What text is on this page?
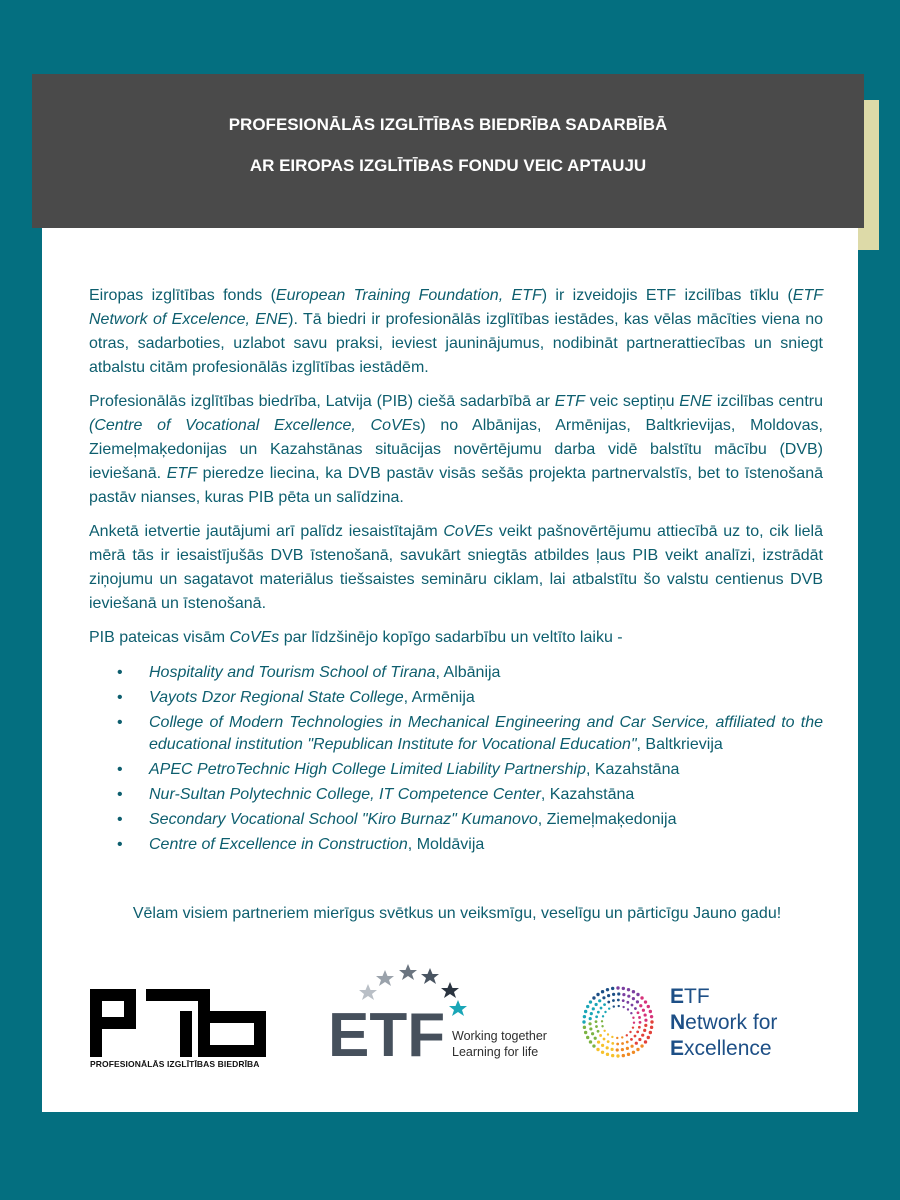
PROFESIONĀLĀS IZGLĪTĪBAS BIEDRĪBA SADARBĪBĀ
AR EIROPAS IZGLĪTĪBAS FONDU VEIC APTAUJU

Eiropas izglītības fonds (European Training Foundation, ETF) ir izveidojis ETF izcilības tīklu (ETF Network of Excelence, ENE). Tā biedri ir profesionālās izglītības iestādes, kas vēlas mācīties viena no otras, sadarboties, uzlabot savu praksi, ieviest jauninājumus, nodibināt partnerattiecības un sniegt atbalstu citām profesionālās izglītības iestādēm.

Profesionālās izglītības biedrība, Latvija (PIB) ciešā sadarbībā ar ETF veic septiņu ENE izcilības centru (Centre of Vocational Excellence, CoVEs) no Albānijas, Armēnijas, Baltkrievijas, Moldovas, Ziemeļmaķedonijas un Kazahstānas situācijas novērtējumu darba vidē balstītu mācību (DVB) ieviešanā. ETF pieredze liecina, ka DVB pastāv visās sešās projekta partnervalstīs, bet to īstenošanā pastāv nianses, kuras PIB pēta un salīdzina.

Anketā ietvertie jautājumi arī palīdz iesaistītajām CoVEs veikt pašnovērtējumu attiecībā uz to, cik lielā mērā tās ir iesaistījušās DVB īstenošanā, savukārt sniegtās atbildes ļaus PIB veikt analīzi, izstrādāt ziņojumu un sagatavot materiālus tiešsaistes semināru ciklam, lai atbalstītu šo valstu centienus DVB ieviešanā un īstenošanā.

PIB pateicas visām CoVEs par līdzšinējo kopīgo sadarbību un veltīto laiku -

• Hospitality and Tourism School of Tirana, Albānija
• Vayots Dzor Regional State College, Armēnija
• College of Modern Technologies in Mechanical Engineering and Car Service, affiliated to the educational institution "Republican Institute for Vocational Education", Baltkrievija
• APEC PetroTechnic High College Limited Liability Partnership, Kazahstāna
• Nur-Sultan Polytechnic College, IT Competence Center, Kazahstāna
• Secondary Vocational School "Kiro Burnaz" Kumanovo, Ziemeļmaķedonija
• Centre of Excellence in Construction, Moldāvija
Vēlam visiem partneriem mierīgus svētkus un veiksmīgu, veselīgu un pārticīgu Jauno gadu!
PROFESIONĀLĀS IZGLĪTĪBAS BIEDRĪBA ETF Working together
Learning for life
ETF
Network for
Excellence
